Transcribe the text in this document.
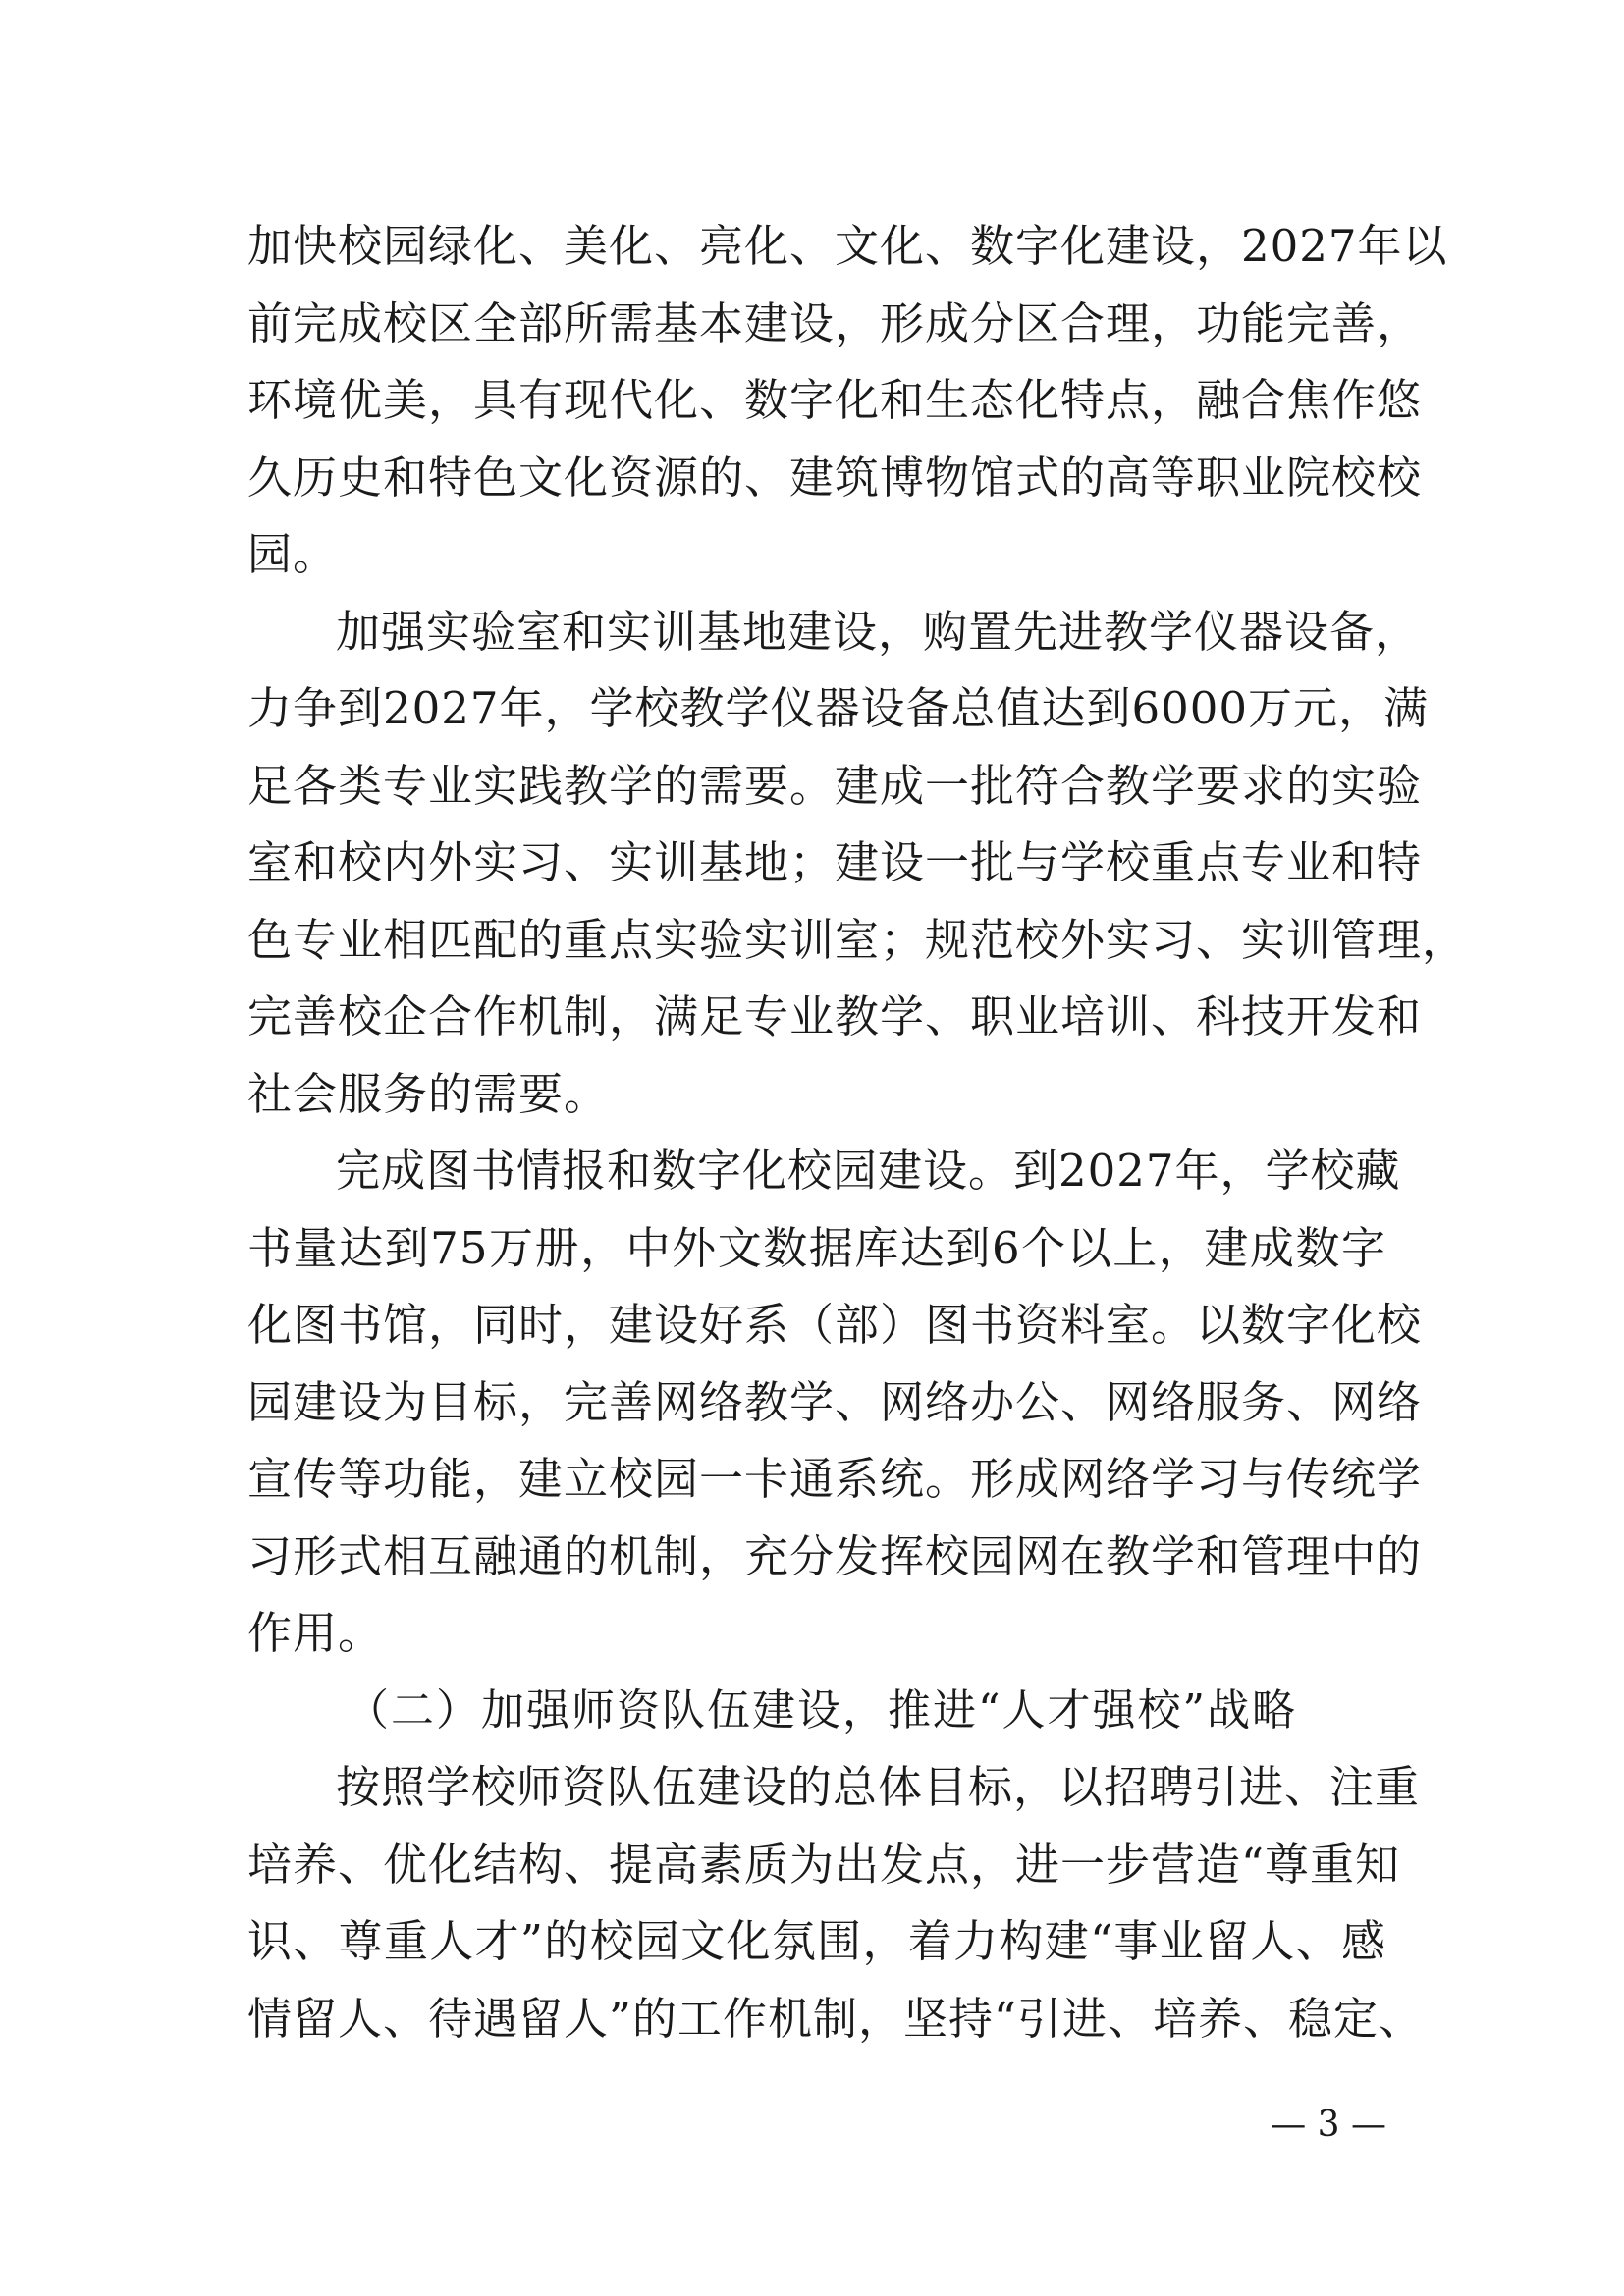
加快校园绿化、美化、亮化、文化、数字化建设，2027年以
前完成校区全部所需基本建设，形成分区合理，功能完善，
环境优美，具有现代化、数字化和生态化特点，融合焦作悠
久历史和特色文化资源的、建筑博物馆式的高等职业院校校
园。
加强实验室和实训基地建设，购置先进教学仪器设备，
力争到2027年，学校教学仪器设备总值达到6000万元，满
足各类专业实践教学的需要。建成一批符合教学要求的实验
室和校内外实习、实训基地；建设一批与学校重点专业和特
色专业相匹配的重点实验实训室；规范校外实习、实训管理，
完善校企合作机制，满足专业教学、职业培训、科技开发和
社会服务的需要。
完成图书情报和数字化校园建设。到2027年，学校藏
书量达到75万册，中外文数据库达到6个以上，建成数字
化图书馆，同时，建设好系（部）图书资料室。以数字化校
园建设为目标，完善网络教学、网络办公、网络服务、网络
宣传等功能，建立校园一卡通系统。形成网络学习与传统学
习形式相互融通的机制，充分发挥校园网在教学和管理中的
作用。
（二）加强师资队伍建设，推进“人才强校”战略
按照学校师资队伍建设的总体目标，以招聘引进、注重
培养、优化结构、提高素质为出发点，进一步营造“尊重知
识、尊重人才”的校园文化氛围，着力构建“事业留人、感
情留人、待遇留人”的工作机制，坚持“引进、培养、稳定、
— 3 —
